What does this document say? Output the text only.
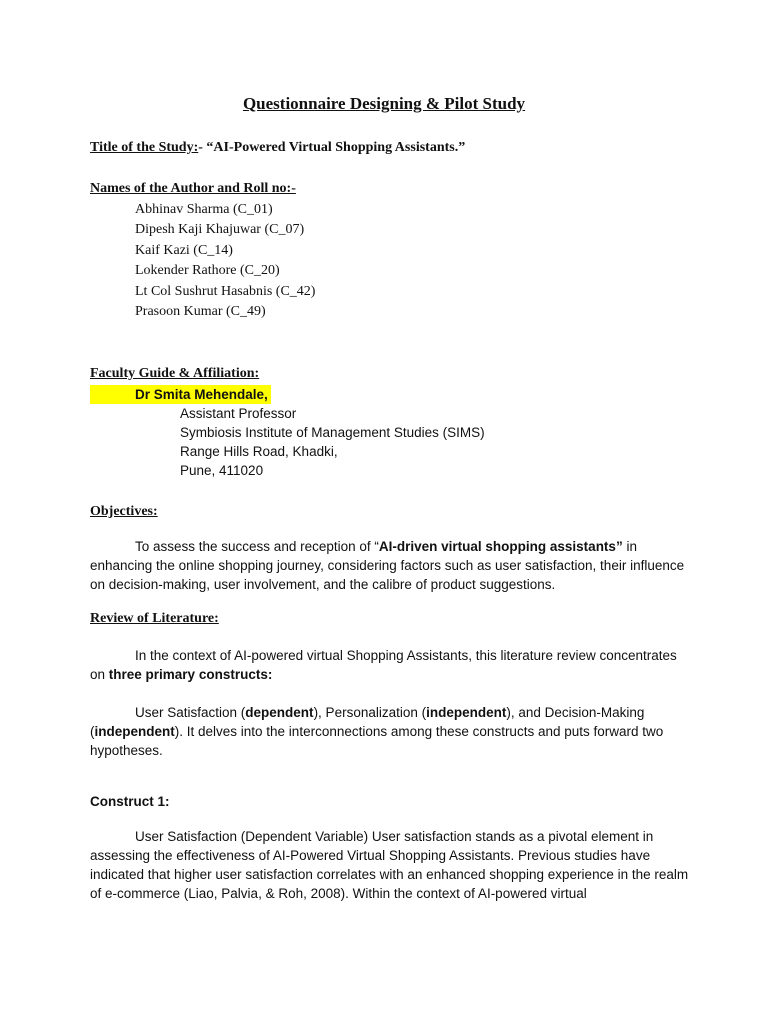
Questionnaire Designing & Pilot Study
Title of the Study:- “AI-Powered Virtual Shopping Assistants.”
Names of the Author and Roll no:-
Abhinav Sharma (C_01)
Dipesh Kaji Khajuwar (C_07)
Kaif Kazi (C_14)
Lokender Rathore (C_20)
Lt Col Sushrut Hasabnis (C_42)
Prasoon Kumar (C_49)
Faculty Guide & Affiliation:
Dr Smita Mehendale,
Assistant Professor
Symbiosis Institute of Management Studies (SIMS)
Range Hills Road, Khadki,
Pune, 411020
Objectives:
To assess the success and reception of “AI-driven virtual shopping assistants” in enhancing the online shopping journey, considering factors such as user satisfaction, their influence on decision-making, user involvement, and the calibre of product suggestions.
Review of Literature:
In the context of AI-powered virtual Shopping Assistants, this literature review concentrates on three primary constructs:
User Satisfaction (dependent), Personalization (independent), and Decision-Making (independent). It delves into the interconnections among these constructs and puts forward two hypotheses.
Construct 1:
User Satisfaction (Dependent Variable) User satisfaction stands as a pivotal element in assessing the effectiveness of AI-Powered Virtual Shopping Assistants. Previous studies have indicated that higher user satisfaction correlates with an enhanced shopping experience in the realm of e-commerce (Liao, Palvia, & Roh, 2008). Within the context of AI-powered virtual
